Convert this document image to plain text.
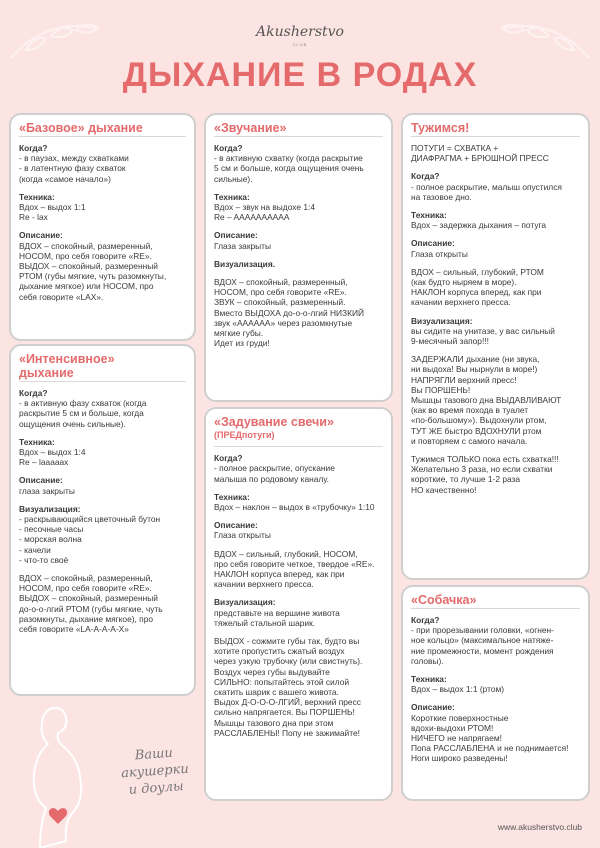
Akusherstvo
CLUB
ДЫХАНИЕ В РОДАХ
«Базовое» дыхание

Когда?

- в паузах, между схватками
- в латентную фазу схваток
(когда «самое начало»)

Техника:

Вдох – выдох 1:1
Re - lax

Описание:

ВДОХ – спокойный, размеренный,
НОСОМ, про себя говорите «RE».
ВЫДОХ – спокойный, размеренный
РТОМ (губы мягкие, чуть разомкнуты,
дыхание мягкое) или НОСОМ, про
себя говорите «LAX».

«Интенсивное»
дыхание

Когда?

- в активную фазу схваток (когда
раскрытие 5 см и больше, когда
ощущения очень сильные).

Техника:

Вдох – выдох 1:4
Re – laaaaax

Описание:

глаза закрыты

Визуализация:

- раскрывающийся цветочный бутон
- песочные часы
- морская волна
- качели
- что-то своё

ВДОХ – спокойный, размеренный,
НОСОМ, про себя говорите «RE».
ВЫДОХ – спокойный, размеренный
до-о-о-лгий РТОМ (губы мягкие, чуть
разомкнуты, дыхание мягкое), про
себя говорите «LA-A-A-A-X»

«Звучание»

Когда?

- в активную схватку (когда раскрытие
5 см и больше, когда ощущения очень
сильные).

Техника:

Вдох – звук на выдохе 1:4
Re – AAAAAAAAAA

Описание:

Глаза закрыты

Визуализация.

ВДОХ – спокойный, размеренный,
НОСОМ, про себя говорите «RE».
ЗВУК – спокойный, размеренный.
Вместо ВЫДОХА до-о-о-лгий НИЗКИЙ
звук «АААААА» через разомкнутые
мягкие губы.
Идет из груди!

«Задувание свечи»
(ПРЕДпотуги)

Когда?

- полное раскрытие, опускание
малыша по родовому каналу.

Техника:

Вдох – наклон – выдох в «трубочку» 1:10

Описание:

Глаза открыты

ВДОХ – сильный, глубокий, НОСОМ,
про себя говорите четкое, твердое «RE».
НАКЛОН корпуса вперед, как при
качании верхнего пресса.

Визуализация:

представьте на вершине живота
тяжелый стальной шарик.

ВЫДОХ - сожмите губы так, будто вы
хотите пропустить сжатый воздух
через узкую трубочку (или свистнуть).
Воздух через губы выдувайте
СИЛЬНО: попытайтесь этой силой
скатить шарик с вашего живота.
Выдох Д-О-О-О-ЛГИЙ, верхний пресс
сильно напрягается. Вы ПОРШЕНЬ!
Мышцы тазового дна при этом
РАССЛАБЛЕНЫ! Попу не зажимайте!

Тужимся!

ПОТУГИ = СХВАТКА +
ДИАФРАГМА + БРЮШНОЙ ПРЕСС

Когда?

- полное раскрытие, малыш опустился
на тазовое дно.

Техника:

Вдох – задержка дыхания – потуга

Описание:

Глаза открыты

ВДОХ – сильный, глубокий, РТОМ
(как будто ныряем в море).
НАКЛОН корпуса вперед, как при
качании верхнего пресса.

Визуализация:

вы сидите на унитазе, у вас сильный
9-месячный запор!!!

ЗАДЕРЖАЛИ дыхание (ни звука,
ни выдоха! Вы нырнули в море!)
НАПРЯГЛИ верхний пресс!
Вы ПОРШЕНЬ!
Мышцы тазового дна ВЫДАВЛИВАЮТ
(как во время похода в туалет
«по-большому»). Выдохнули ртом,
ТУТ ЖЕ быстро ВДОХНУЛИ ртом
и повторяем с самого начала.

Тужимся ТОЛЬКО пока есть схватка!!!
Желательно 3 раза, но если схватки
короткие, то лучше 1-2 раза
НО качественно!

«Собачка»

Когда?

- при прорезывании головки, «огнен-
ное кольцо» (максимальное натяже-
ние промежности, момент рождения
головы).

Техника:

Вдох – выдох 1:1 (ртом)

Описание:

Короткие поверхностные
вдохи-выдохи РТОМ!
НИЧЕГО не напрягаем!
Попа РАССЛАБЛЕНА и не поднимается!
Ноги широко разведены!

Ваши
акушерки
и доулы
www.akusherstvo.club
